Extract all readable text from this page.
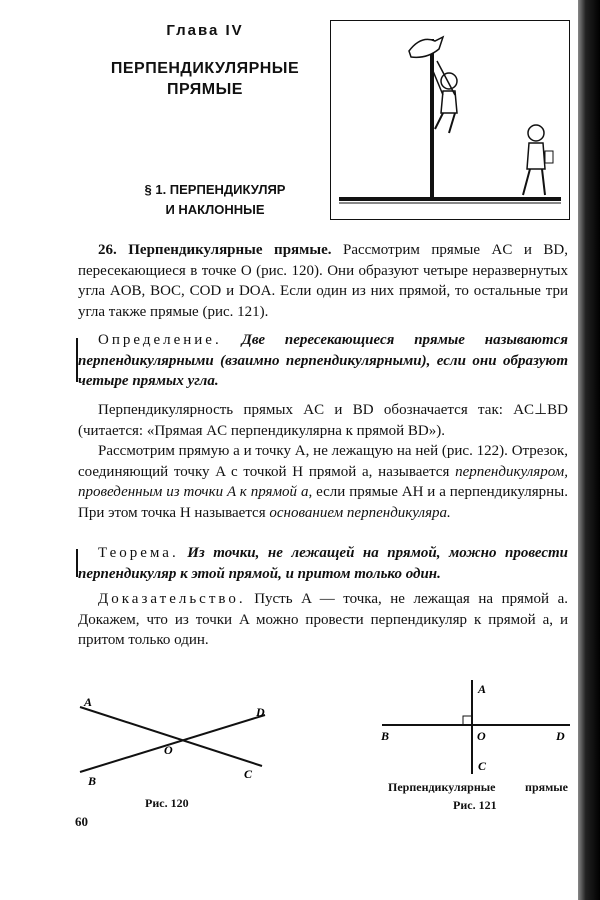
Глава IV
ПЕРПЕНДИКУЛЯРНЫЕ
ПРЯМЫЕ
§ 1. ПЕРПЕНДИКУЛЯР
И НАКЛОННЫЕ
26. Перпендикулярные прямые. Рассмотрим прямые AC и BD, пересекающиеся в точке O (рис. 120). Они образуют четыре неразвернутых угла AOB, BOC, COD и DOA. Если один из них прямой, то остальные три угла также прямые (рис. 121).
Определение. Две пересекающиеся прямые называются перпендикулярными (взаимно перпендикулярными), если они образуют четыре прямых угла.
Перпендикулярность прямых AC и BD обозначается так: AC⊥BD (читается: «Прямая AC перпендикулярна к прямой BD»).
Рассмотрим прямую a и точку A, не лежащую на ней (рис. 122). Отрезок, соединяющий точку A с точкой H прямой a, называется перпендикуляром, проведенным из точки A к прямой a, если прямые AH и a перпендикулярны. При этом точка H называется основанием перпендикуляра.
Теорема. Из точки, не лежащей на прямой, можно провести перпендикуляр к этой прямой, и притом только один.
Доказательство. Пусть A — точка, не лежащая на прямой a. Докажем, что из точки A можно провести перпендикуляр к прямой a, и притом только один.
A
D
O
B	C
A
B	O	D
C
Рис. 120
Перпендикулярные прямые
Рис. 121
60
